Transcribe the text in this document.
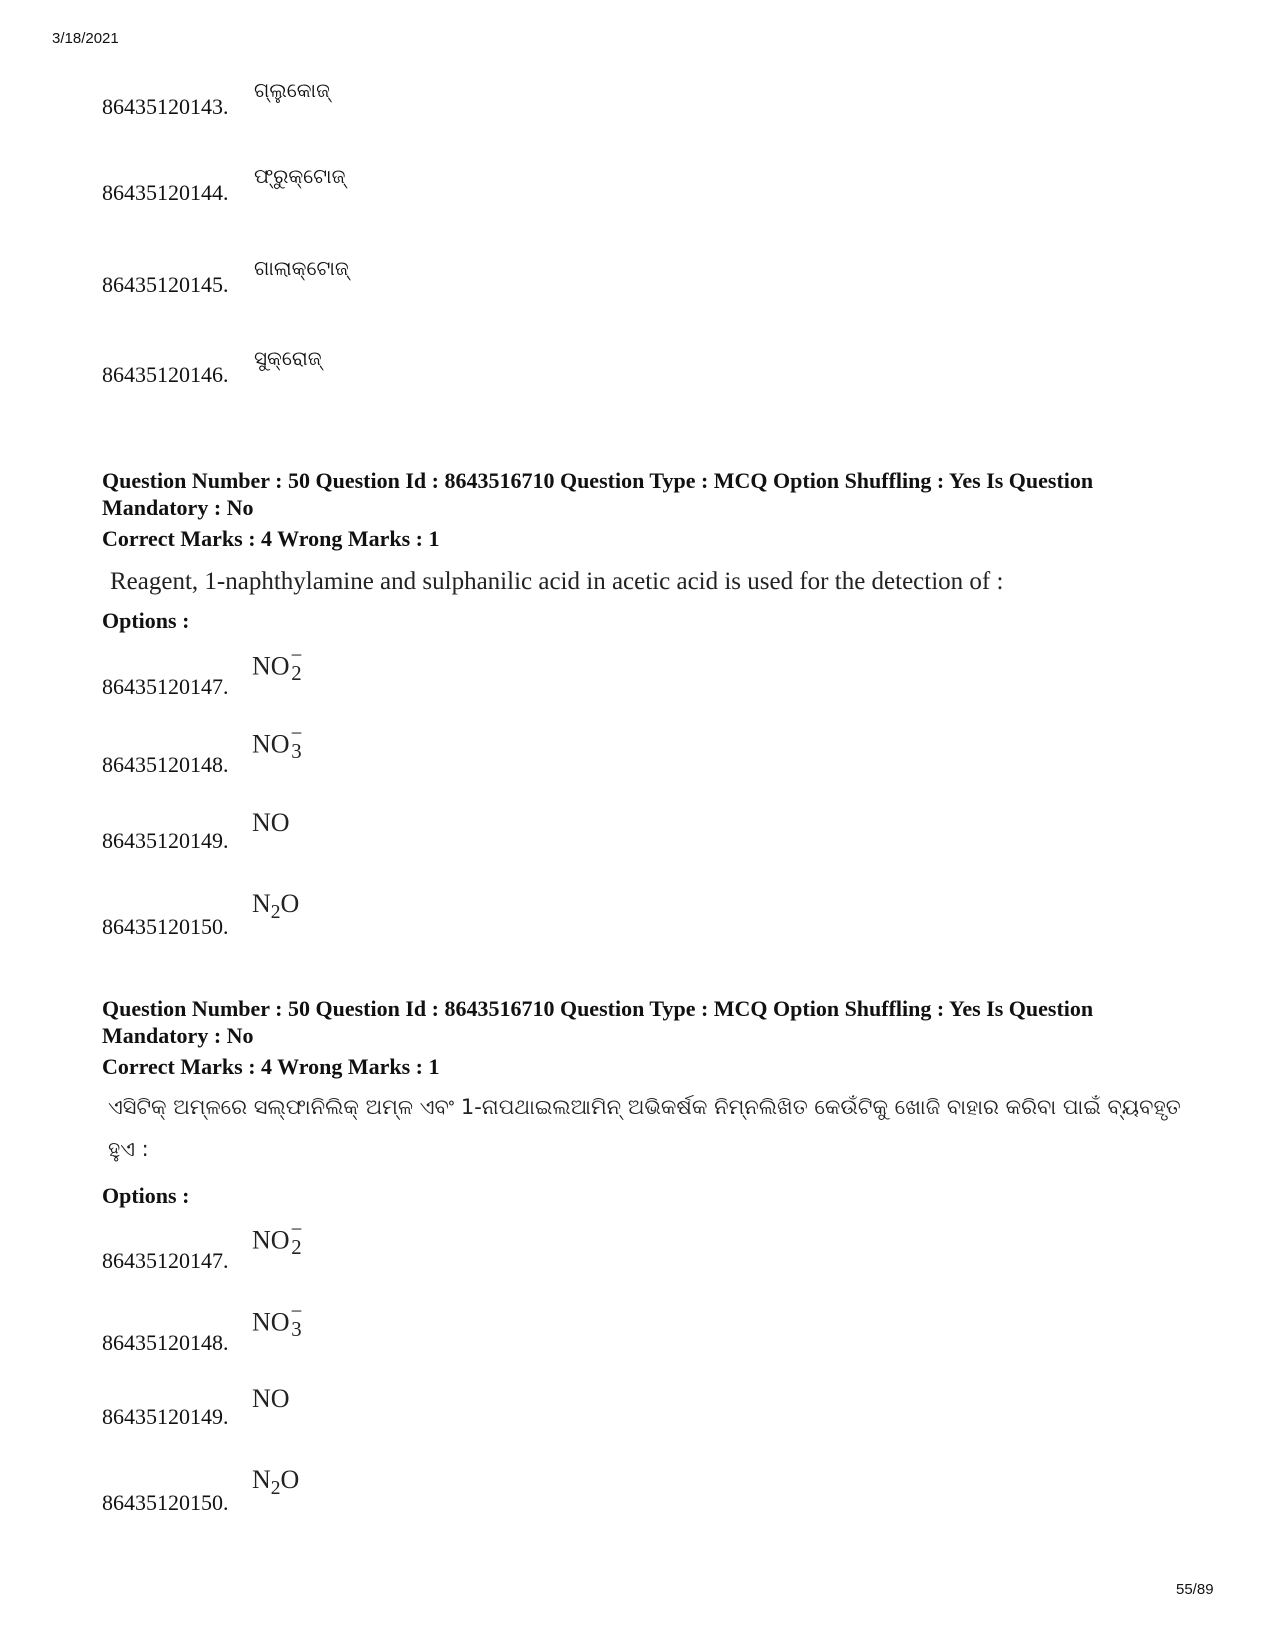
3/18/2021
86435120143.
ଗ୍ଲୁକୋଜ୍
86435120144.
ଫ୍ରୁକ୍ଟୋଜ୍
86435120145.
ଗାଲାକ୍ଟୋଜ୍
86435120146.
ସୁକ୍ରୋଜ୍
Question Number : 50 Question Id : 8643516710 Question Type : MCQ Option Shuffling : Yes Is Question Mandatory : No
Correct Marks : 4 Wrong Marks : 1
Reagent, 1-naphthylamine and sulphanilic acid in acetic acid is used for the detection of :
Options :
86435120147.
NO −
2
86435120148.
NO −
3
86435120149.
NO
86435120150.
$N_2O$
Question Number : 50 Question Id : 8643516710 Question Type : MCQ Option Shuffling : Yes Is Question Mandatory : No
Correct Marks : 4 Wrong Marks : 1
ଏସିଟିକ୍ ଅମ୍ଳରେ ସଲ୍‌ଫାନିଲିକ୍ ଅମ୍ଳ ଏବଂ 1-ନାପଥାଇଲଆମିନ୍ ଅଭିକର୍ଷକ ନିମ୍ନଲିଖିତ କେଉଁଟିକୁ ଖୋଜି ବାହାର କରିବା ପାଇଁ ବ୍ୟବହୃତ ହୁଏ :
Options :
86435120147.
NO −
2
86435120148.
NO −
3
86435120149.
NO
86435120150.
$N_2O$
55/89
